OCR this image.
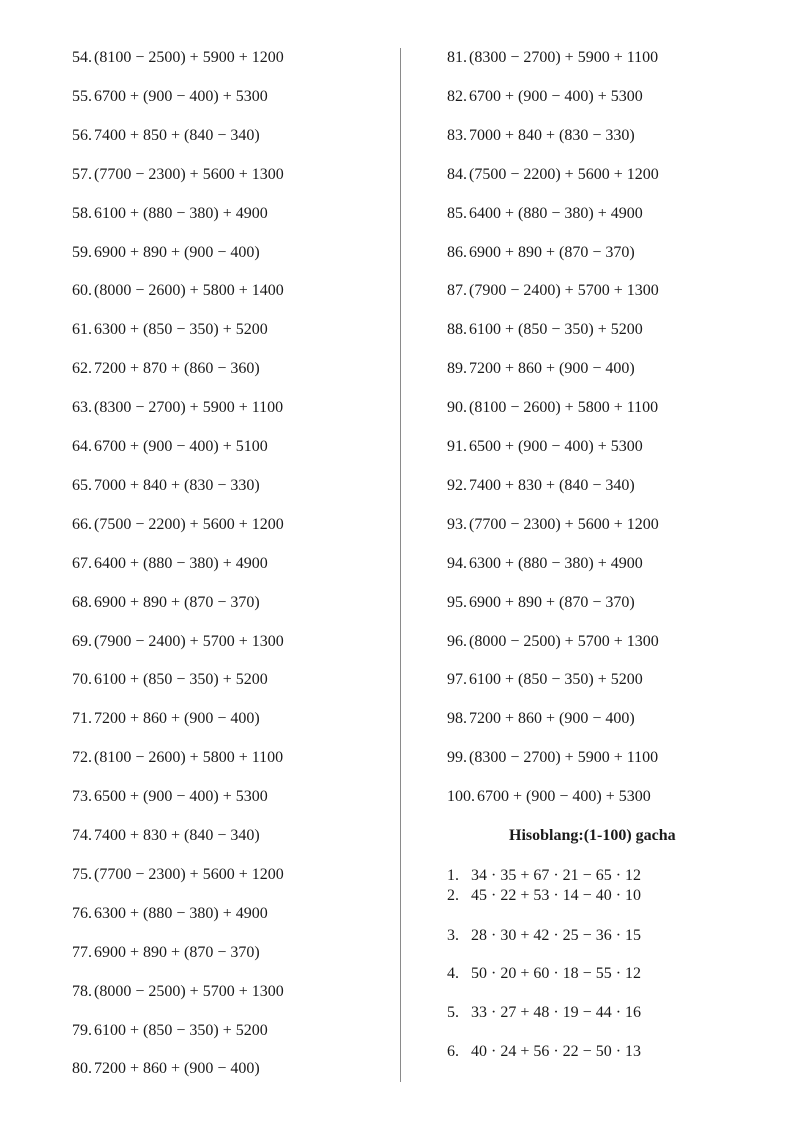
54. (8100 − 2500) + 5900 + 1200
55. 6700 + (900 − 400) + 5300
56. 7400 + 850 + (840 − 340)
57. (7700 − 2300) + 5600 + 1300
58. 6100 + (880 − 380) + 4900
59. 6900 + 890 + (900 − 400)
60. (8000 − 2600) + 5800 + 1400
61. 6300 + (850 − 350) + 5200
62. 7200 + 870 + (860 − 360)
63. (8300 − 2700) + 5900 + 1100
64. 6700 + (900 − 400) + 5100
65. 7000 + 840 + (830 − 330)
66. (7500 − 2200) + 5600 + 1200
67. 6400 + (880 − 380) + 4900
68. 6900 + 890 + (870 − 370)
69. (7900 − 2400) + 5700 + 1300
70. 6100 + (850 − 350) + 5200
71. 7200 + 860 + (900 − 400)
72. (8100 − 2600) + 5800 + 1100
73. 6500 + (900 − 400) + 5300
74. 7400 + 830 + (840 − 340)
75. (7700 − 2300) + 5600 + 1200
76. 6300 + (880 − 380) + 4900
77. 6900 + 890 + (870 − 370)
78. (8000 − 2500) + 5700 + 1300
79. 6100 + (850 − 350) + 5200
80. 7200 + 860 + (900 − 400)
81. (8300 − 2700) + 5900 + 1100
82. 6700 + (900 − 400) + 5300
83. 7000 + 840 + (830 − 330)
84. (7500 − 2200) + 5600 + 1200
85. 6400 + (880 − 380) + 4900
86. 6900 + 890 + (870 − 370)
87. (7900 − 2400) + 5700 + 1300
88. 6100 + (850 − 350) + 5200
89. 7200 + 860 + (900 − 400)
90. (8100 − 2600) + 5800 + 1100
91. 6500 + (900 − 400) + 5300
92. 7400 + 830 + (840 − 340)
93. (7700 − 2300) + 5600 + 1200
94. 6300 + (880 − 380) + 4900
95. 6900 + 890 + (870 − 370)
96. (8000 − 2500) + 5700 + 1300
97. 6100 + (850 − 350) + 5200
98. 7200 + 860 + (900 − 400)
99. (8300 − 2700) + 5900 + 1100
100. 6700 + (900 − 400) + 5300
Hisoblang:(1-100) gacha
1. 34 · 35 + 67 · 21 − 65 · 12
2. 45 · 22 + 53 · 14 − 40 · 10
3. 28 · 30 + 42 · 25 − 36 · 15
4. 50 · 20 + 60 · 18 − 55 · 12
5. 33 · 27 + 48 · 19 − 44 · 16
6. 40 · 24 + 56 · 22 − 50 · 13
